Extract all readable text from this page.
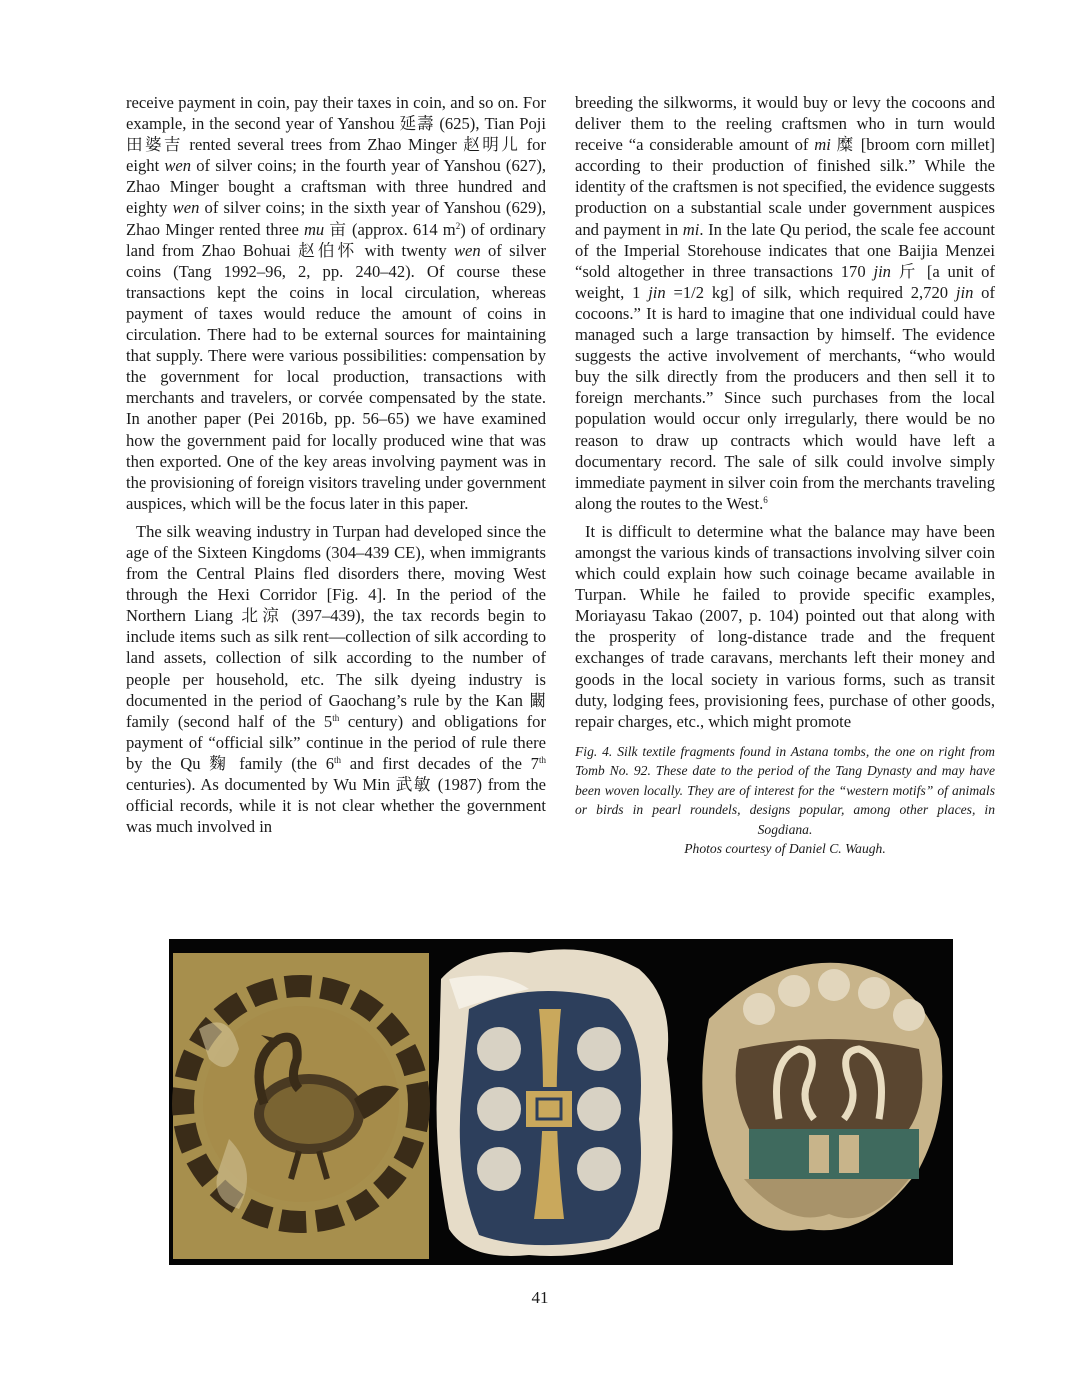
receive payment in coin, pay their taxes in coin, and so on. For example, in the second year of Yanshou 延壽 (625), Tian Poji 田婆吉 rented several trees from Zhao Minger 赵明儿 for eight wen of silver coins; in the fourth year of Yanshou (627), Zhao Minger bought a craftsman with three hundred and eighty wen of silver coins; in the sixth year of Yanshou (629), Zhao Minger rented three mu 亩 (approx. 614 $m^2$) of ordinary land from Zhao Bohuai 赵伯怀 with twenty wen of silver coins (Tang 1992–96, 2, pp. 240–42). Of course these transactions kept the coins in local circulation, whereas payment of taxes would reduce the amount of coins in circulation. There had to be external sources for maintaining that supply. There were various possibilities: compensation by the government for local production, transactions with merchants and travelers, or corvée compensated by the state. In another paper (Pei 2016b, pp. 56–65) we have examined how the government paid for locally produced wine that was then exported. One of the key areas involving payment was in the provisioning of foreign visitors traveling under government auspices, which will be the focus later in this paper.

The silk weaving industry in Turpan had developed since the age of the Sixteen Kingdoms (304–439 CE), when immigrants from the Central Plains fled disorders there, moving West through the Hexi Corridor [Fig. 4]. In the period of the Northern Liang 北涼 (397–439), the tax records begin to include items such as silk rent—collection of silk according to land assets, collection of silk according to the number of people per household, etc. The silk dyeing industry is documented in the period of Gaochang’s rule by the Kan 闞 family (second half of the 5th century) and obligations for payment of “official silk” continue in the period of rule there by the Qu 麴 family (the 6th and first decades of the 7th centuries). As documented by Wu Min 武敏 (1987) from the official records, while it is not clear whether the government was much involved in

breeding the silkworms, it would buy or levy the cocoons and deliver them to the reeling craftsmen who in turn would receive “a considerable amount of mi 糜 [broom corn millet] according to their production of finished silk.” While the identity of the craftsmen is not specified, the evidence suggests production on a substantial scale under government auspices and payment in mi. In the late Qu period, the scale fee account of the Imperial Storehouse indicates that one Baijia Menzei “sold altogether in three transactions 170 jin 斤 [a unit of weight, 1 jin =1/2 kg] of silk, which required 2,720 jin of cocoons.” It is hard to imagine that one individual could have managed such a large transaction by himself. The evidence suggests the active involvement of merchants, “who would buy the silk directly from the producers and then sell it to foreign merchants.” Since such purchases from the local population would occur only irregularly, there would be no reason to draw up contracts which would have left a documentary record. The sale of silk could involve simply immediate payment in silver coin from the merchants traveling along the routes to the West.$^6$

It is difficult to determine what the balance may have been amongst the various kinds of transactions involving silver coin which could explain how such coinage became available in Turpan. While he failed to provide specific examples, Moriayasu Takao (2007, p. 104) pointed out that along with the prosperity of long-distance trade and the frequent exchanges of trade caravans, merchants left their money and goods in the local society in various forms, such as transit duty, lodging fees, provisioning fees, purchase of other goods, repair charges, etc., which might promote

Fig. 4. Silk textile fragments found in Astana tombs, the one on right from Tomb No. 92. These date to the period of the Tang Dynasty and may have been woven locally. They are of interest for the “western motifs” of animals or birds in pearl roundels, designs popular, among other places, in Sogdiana.
Photos courtesy of Daniel C. Waugh.
41
